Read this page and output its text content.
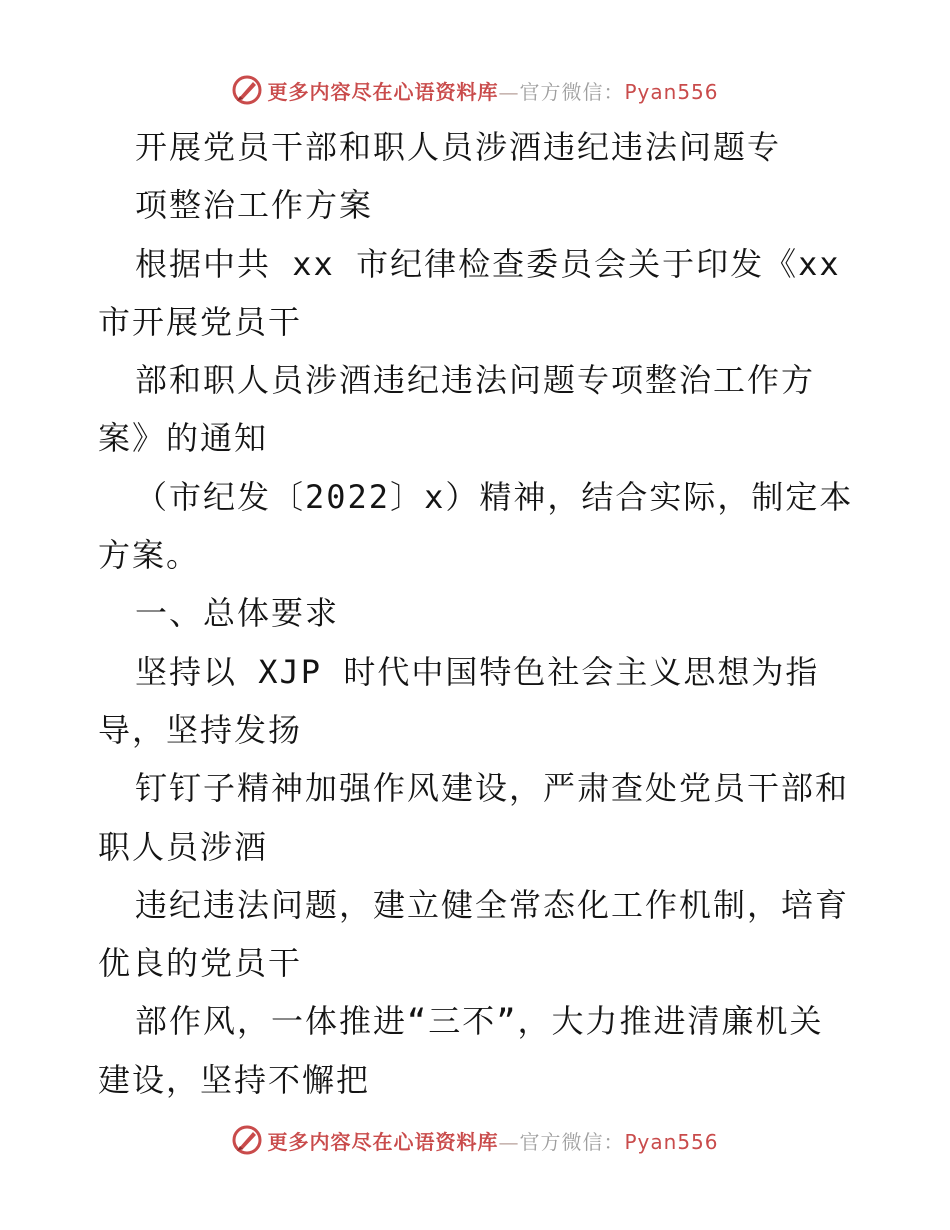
更多内容尽在心语资料库—官方微信：Pyan556
开展党员干部和职人员涉酒违纪违法问题专
项整治工作方案
根据中共 xx 市纪律检查委员会关于印发《xx
市开展党员干
部和职人员涉酒违纪违法问题专项整治工作方
案》的通知
（市纪发〔2022〕x）精神，结合实际，制定本
方案。
一、总体要求
坚持以 XJP 时代中国特色社会主义思想为指
导，坚持发扬
钉钉子精神加强作风建设，严肃查处党员干部和
职人员涉酒
违纪违法问题，建立健全常态化工作机制，培育
优良的党员干
部作风，一体推进“三不”，大力推进清廉机关
建设，坚持不懈把
更多内容尽在心语资料库—官方微信：Pyan556
